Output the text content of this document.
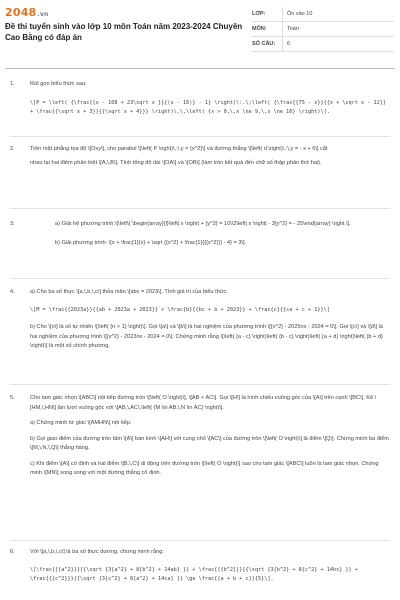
2048.vn
Đề thi tuyển sinh vào lớp 10 môn Toán năm 2023-2024 Chuyên Cao Bằng có đáp án
LỚP:	Ôn vào 10
MÔN:	Toán
SỐ CÂU:	6
1.	Rút gọn biểu thức sau:

\[P = \left( {\frac{{x - 108 + 23\sqrt x }}{(x - 16)} - 1} \right)\:.\;\left( {\frac{{75 - x}}{{x + \sqrt x - 12}} + \frac{{\sqrt x + 3}}{{\sqrt x + 4}}} \right)\,\,\left( {x > 0,\,x \ne 9,\,x \ne 16} \right)\].

2.	Trên mặt phẳng tọa độ \[Oxy\], cho parabol \[\left( P \right)\,:\,y = {x^2}\] và đường thẳng \[\left( d \right)\,:\,y = - x + 6\] cắt

nhau tại hai điểm phân biệt \[A,\,B\]. Tính tổng độ dài \[OA\] và \[OB\] (làm tròn kết quả đến chữ số thập phân thứ hai).

3.	a) Giải hệ phương trình:\[\left\{ \begin{array}{l}\left| x \right| + {y^2} = 10\\2\left| x \right| - 3{y^2} = - 25\end{array} \right.\].

b) Giải phương trình: \[x + \frac{1}{x} + \sqrt {{x^2} + \frac{1}{{{x^2}}} - 4} = 3\].

4.	a) Cho ba số thực \[a,\,b,\,c\] thỏa mãn \[abc = 2023\]. Tính giá trị của biểu thức:

\[M = \frac{{2023a}}{{ab + 2023a + 2023}} + \frac{b}{{bc + b + 2023}} + \frac{c}{{ca + c + 1}}\]

b) Cho \[n\] là số tự nhiên \[\left( {n > 1} \right)\]. Gọi \[a\] và \[b\] là hai nghiệm của phương trình \[{x^2} - 2025nx - 2024 = 0\]. Gọi \[c\] và \[d\] là hai nghiệm của phương trình \[{x^2} - 2023nx - 2024 = 0\]. Chứng minh rằng \[\left( {a - c} \right)\left( {b - c} \right)\left( {a + d} \right)\left( {b + d} \right)\] là một số chính phương.

5.	Cho tam giác nhọn \[ABC\] nội tiếp đường tròn \[\left( O \right)\], \[AB < AC\]. Gọi \[H\] là hình chiếu vuông góc của \[A\] trên cạnh \[BC\]. Kẻ \[HM,\,HN\] lần lượt vuông góc với \[AB,\,AC\,\left( {M \in AB,\,N \in AC} \right)\].

a) Chứng minh tứ giác \[AMHN\] nội tiếp.

b) Gọi giao điểm của đường tròn tâm \[A\] bán kính \[AH\] với cung nhỏ \[AC\] của đường tròn \[\left( O \right)\] là điểm \[Q\]. Chứng minh ba điểm \[M,\,N,\,Q\] thẳng hàng.

c) Khi điểm \[A\] cố định và hai điểm \[B,\,C\] di động trên đường tròn \[\left( O \right)\] sao cho tam giác \[ABC\] luôn là tam giác nhọn. Chứng minh \[MN\] song song với một đường thẳng cố định.

6.	Với \[a,\,b,\,c\] là ba số thực dương, chứng minh rằng:

\[\frac{{{a^2}}}{{\sqrt {3{a^2} + 8{b^2} + 14ab} }} + \frac{{{b^2}}}{{\sqrt {3{b^2} + 8{c^2} + 14bc} }} + \frac{{{c^2}}}{{\sqrt {3{c^2} + 8{a^2} + 14ca} }} \ge \frac{{a + b + c}}{5}\].
